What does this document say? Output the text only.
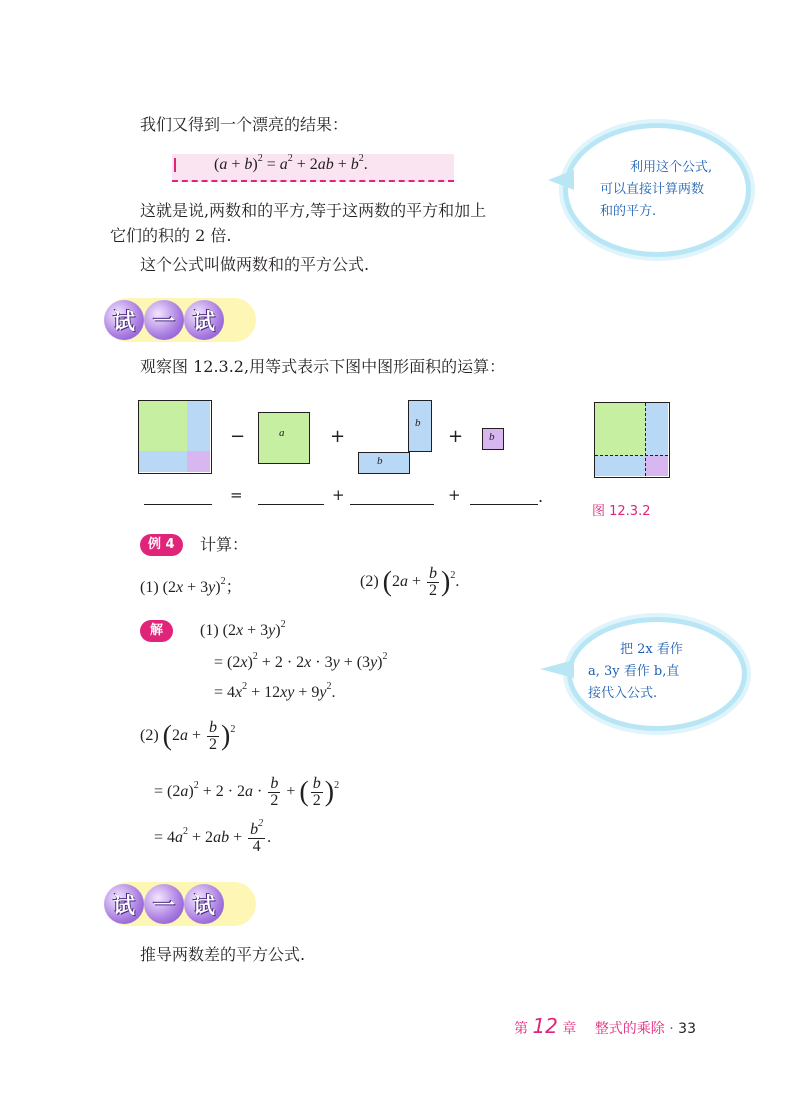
我们又得到一个漂亮的结果：
$(a + b)^2 = a^2 + 2ab + b^2$.	利用这个公式,
可以直接计算两数
和的平方.
这就是说,两数和的平方,等于这两数的平方和加上
它们的积的 2 倍.
这个公式叫做两数和的平方公式.
试 一 试
观察图 12.3.2,用等式表示下图中图形面积的运算：
−	a	+
b
b
+ b
=	+	+	.
图 12.3.2
例 4	计算：
(1) $(2x + 3y)^2$；	(2) $(2a + \frac{b}{2} )^2$.
解	(1) $(2x + 3y)^2$
= $(2x)^2 + 2 \cdot 2x \cdot 3y + (3y)^2$
= $4x^2 + 12xy + 9y^2$.
把 2x 看作
a, 3y 看作 b,直
接代入公式.
(2) $(2a + \frac{b}{2} )^2$
= $(2a)^2 + 2 \cdot 2a \cdot \frac{b}{2}$ + ( $\frac{b}{2} )^2$
= $4a^2 + 2ab + \frac{b^2}{4}$ .
试 一 试
推导两数差的平方公式.
第 12 章 整式的乘除 · 33
